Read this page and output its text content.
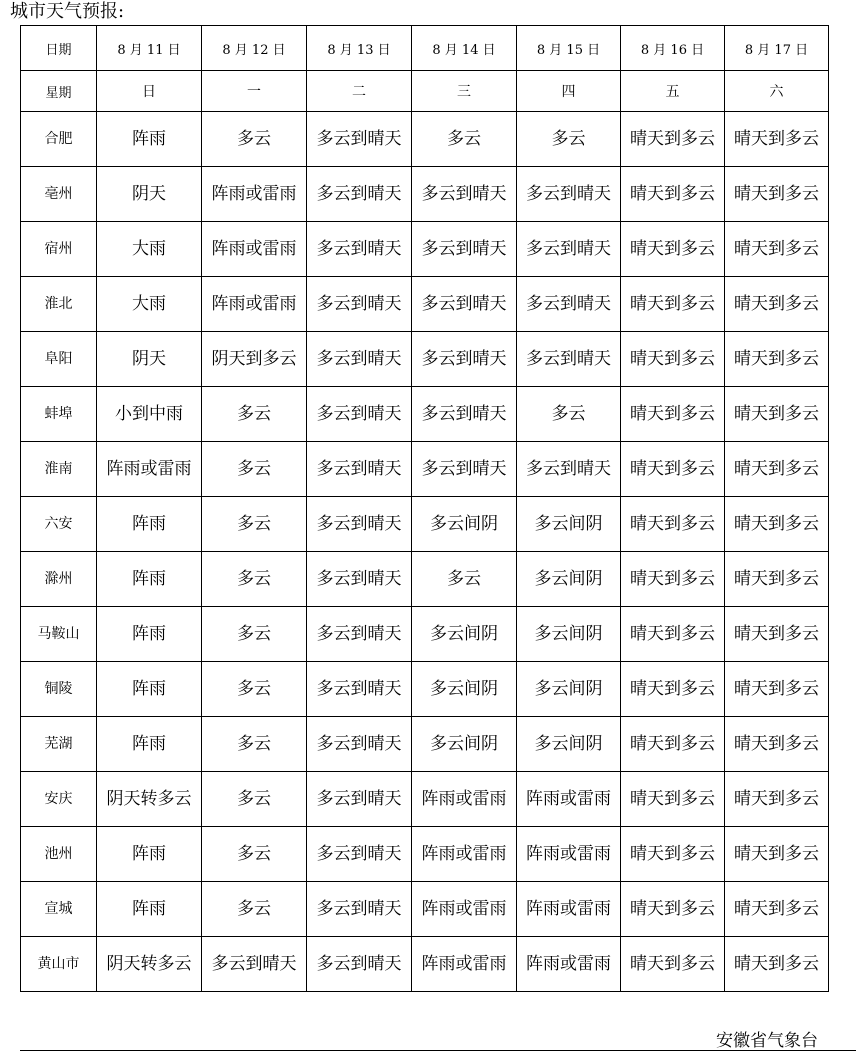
城市天气预报:
日期	8 月 11 日	8 月 12 日	8 月 13 日	8 月 14 日	8 月 15 日	8 月 16 日	8 月 17 日
星期	日	一	二	三	四	五	六
合肥	阵雨	多云	多云到晴天	多云	多云	晴天到多云	晴天到多云
亳州	阴天	阵雨或雷雨	多云到晴天	多云到晴天	多云到晴天	晴天到多云	晴天到多云
宿州	大雨	阵雨或雷雨	多云到晴天	多云到晴天	多云到晴天	晴天到多云	晴天到多云
淮北	大雨	阵雨或雷雨	多云到晴天	多云到晴天	多云到晴天	晴天到多云	晴天到多云
阜阳	阴天	阴天到多云	多云到晴天	多云到晴天	多云到晴天	晴天到多云	晴天到多云
蚌埠	小到中雨	多云	多云到晴天	多云到晴天	多云	晴天到多云	晴天到多云
淮南	阵雨或雷雨	多云	多云到晴天	多云到晴天	多云到晴天	晴天到多云	晴天到多云
六安	阵雨	多云	多云到晴天	多云间阴	多云间阴	晴天到多云	晴天到多云
滁州	阵雨	多云	多云到晴天	多云	多云间阴	晴天到多云	晴天到多云
马鞍山	阵雨	多云	多云到晴天	多云间阴	多云间阴	晴天到多云	晴天到多云
铜陵	阵雨	多云	多云到晴天	多云间阴	多云间阴	晴天到多云	晴天到多云
芜湖	阵雨	多云	多云到晴天	多云间阴	多云间阴	晴天到多云	晴天到多云
安庆	阴天转多云	多云	多云到晴天	阵雨或雷雨	阵雨或雷雨	晴天到多云	晴天到多云
池州	阵雨	多云	多云到晴天	阵雨或雷雨	阵雨或雷雨	晴天到多云	晴天到多云
宣城	阵雨	多云	多云到晴天	阵雨或雷雨	阵雨或雷雨	晴天到多云	晴天到多云
黄山市	阴天转多云	多云到晴天	多云到晴天	阵雨或雷雨	阵雨或雷雨	晴天到多云	晴天到多云
安徽省气象台
